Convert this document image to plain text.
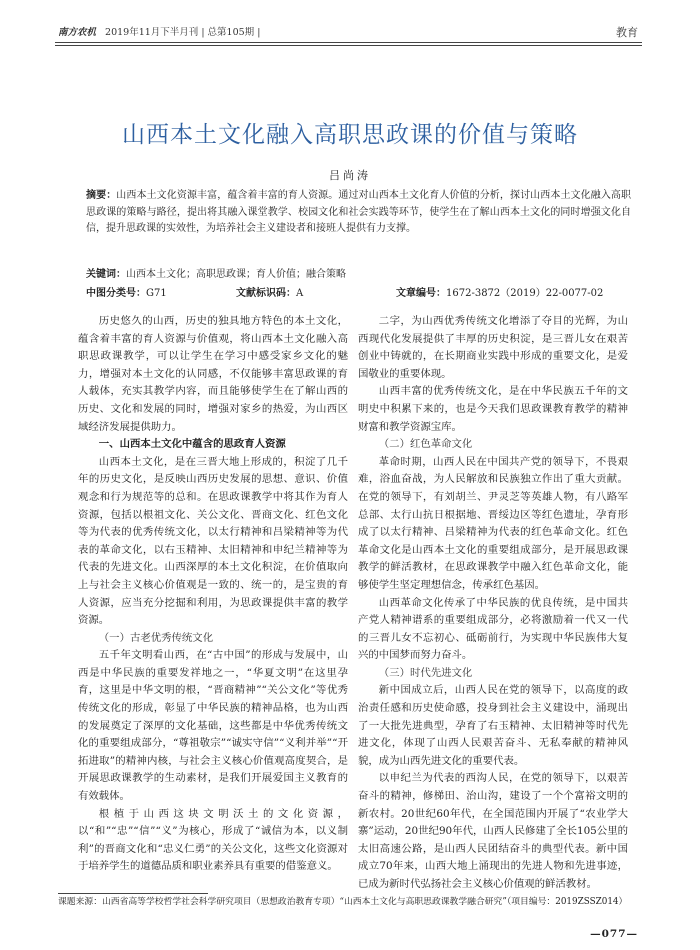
南方农机 2019年11月下半月刊 | 总第105期 |	教育
山西本土文化融入高职思政课的价值与策略
吕尚涛
摘要：山西本土文化资源丰富，蕴含着丰富的育人资源。通过对山西本土文化育人价值的分析，探讨山西本土文化融入高职思政课的策略与路径，提出将其融入课堂教学、校园文化和社会实践等环节，使学生在了解山西本土文化的同时增强文化自信，提升思政课的实效性，为培养社会主义建设者和接班人提供有力支撑。
关键词：山西本土文化；高职思政课；育人价值；融合策略
中图分类号：G71	文献标识码：A	文章编号：1672-3872（2019）22-0077-02

历史悠久的山西，历史的独具地方特色的本土文化，蕴含着丰富的育人资源与价值观，将山西本土文化融入高职思政课教学，可以让学生在学习中感受家乡文化的魅力，增强对本土文化的认同感，不仅能够丰富思政课的育人载体，充实其教学内容，而且能够使学生在了解山西的历史、文化和发展的同时，增强对家乡的热爱，为山西区域经济发展提供助力。

一、山西本土文化中蕴含的思政育人资源

山西本土文化，是在三晋大地上形成的，积淀了几千年的历史文化，是反映山西历史发展的思想、意识、价值观念和行为规范等的总和。在思政课教学中将其作为育人资源，包括以根祖文化、关公文化、晋商文化、红色文化等为代表的优秀传统文化，以太行精神和吕梁精神等为代表的革命文化，以右玉精神、太旧精神和申纪兰精神等为代表的先进文化。山西深厚的本土文化积淀，在价值取向上与社会主义核心价值观是一致的、统一的，是宝贵的育人资源，应当充分挖掘和利用，为思政课提供丰富的教学资源。

（一）古老优秀传统文化

五千年文明看山西，在“古中国”的形成与发展中，山西是中华民族的重要发祥地之一，“华夏文明”在这里孕育，这里是中华文明的根，“晋商精神”“关公文化”等优秀传统文化的形成，彰显了中华民族的精神品格，也为山西的发展奠定了深厚的文化基础，这些都是中华优秀传统文化的重要组成部分，“尊祖敬宗”“诚实守信”“义利并举”“开拓进取”的精神内核，与社会主义核心价值观高度契合，是开展思政课教学的生动素材，是我们开展爱国主义教育的有效载体。

根植于山西这块文明沃土的文化资源，以“和”“忠”“信”“义”为核心，形成了“诚信为本，以义制利”的晋商文化和“忠义仁勇”的关公文化，这些文化资源对于培养学生的道德品质和职业素养具有重要的借鉴意义。

二字，为山西优秀传统文化增添了夺目的光辉，为山西现代化发展提供了丰厚的历史积淀，是三晋儿女在艰苦创业中铸就的，在长期商业实践中形成的重要文化，是爱国敬业的重要体现。

山西丰富的优秀传统文化，是在中华民族五千年的文明史中积累下来的，也是今天我们思政课教育教学的精神财富和教学资源宝库。

（二）红色革命文化

革命时期，山西人民在中国共产党的领导下，不畏艰难，浴血奋战，为人民解放和民族独立作出了重大贡献。在党的领导下，有刘胡兰、尹灵芝等英雄人物，有八路军总部、太行山抗日根据地、晋绥边区等红色遗址，孕育形成了以太行精神、吕梁精神为代表的红色革命文化。红色革命文化是山西本土文化的重要组成部分，是开展思政课教学的鲜活教材，在思政课教学中融入红色革命文化，能够使学生坚定理想信念，传承红色基因。

山西革命文化传承了中华民族的优良传统，是中国共产党人精神谱系的重要组成部分，必将激励着一代又一代的三晋儿女不忘初心、砥砺前行，为实现中华民族伟大复兴的中国梦而努力奋斗。

（三）时代先进文化

新中国成立后，山西人民在党的领导下，以高度的政治责任感和历史使命感，投身到社会主义建设中，涌现出了一大批先进典型，孕育了右玉精神、太旧精神等时代先进文化，体现了山西人民艰苦奋斗、无私奉献的精神风貌，成为山西先进文化的重要代表。

以申纪兰为代表的西沟人民，在党的领导下，以艰苦奋斗的精神，修梯田、治山沟，建设了一个个富裕文明的新农村。20世纪60年代，在全国范围内开展了“农业学大寨”运动，20世纪90年代，山西人民修建了全长105公里的太旧高速公路，是山西人民团结奋斗的典型代表。新中国成立70年来，山西大地上涌现出的先进人物和先进事迹，已成为新时代弘扬社会主义核心价值观的鲜活教材。

课题来源：山西省高等学校哲学社会科学研究项目（思想政治教育专项）“山西本土文化与高职思政课教学融合研究”（项目编号：2019ZSSZ014）
—077—
